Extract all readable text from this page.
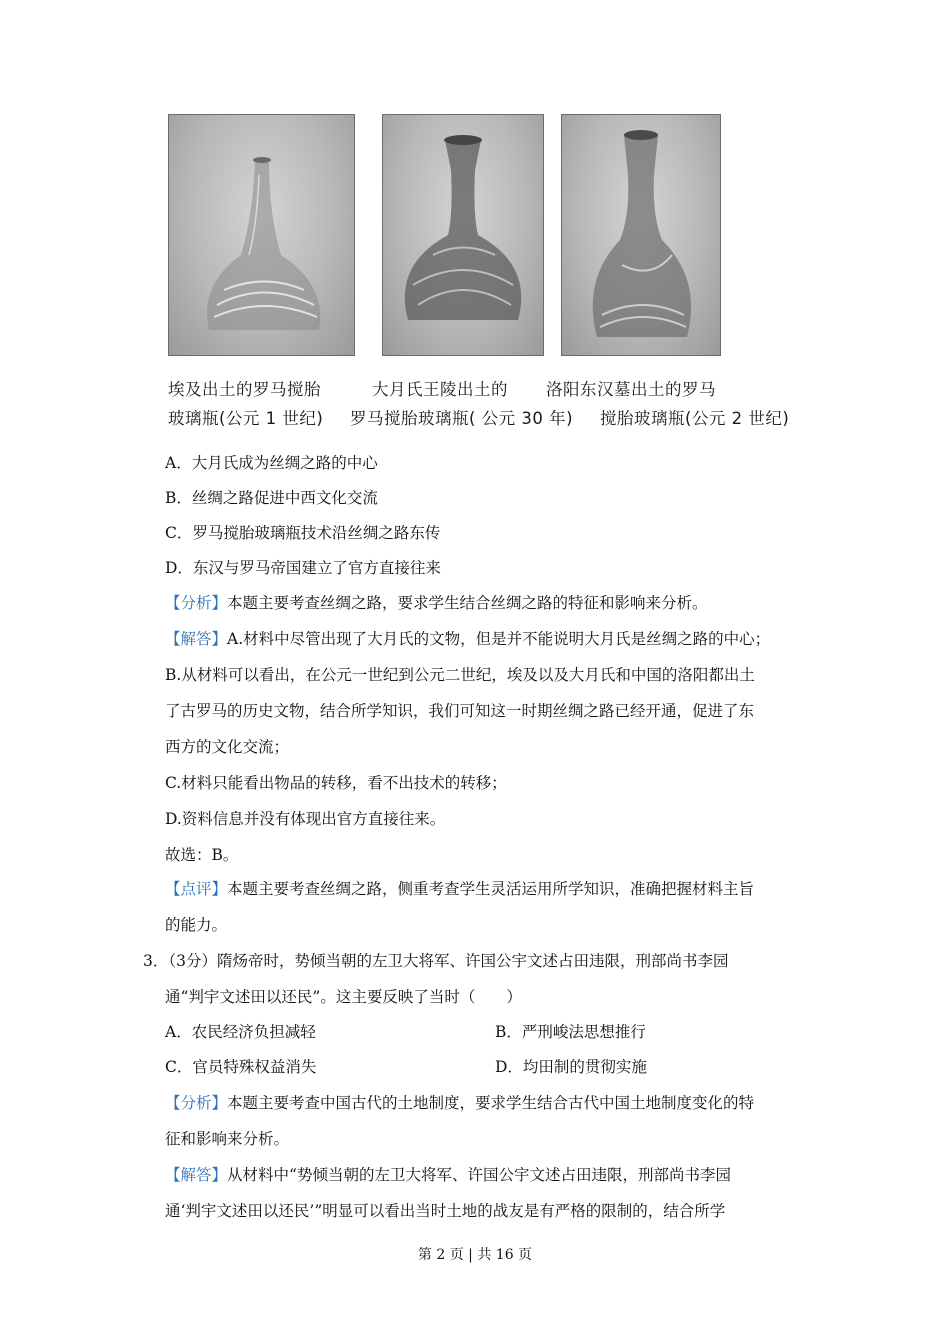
埃及出土的罗马搅胎
玻璃瓶(公元 1 世纪)
大月氏王陵出土的
罗马搅胎玻璃瓶( 公元 30 年)
洛阳东汉墓出土的罗马
搅胎玻璃瓶(公元 2 世纪)
A．大月氏成为丝绸之路的中心
B．丝绸之路促进中西文化交流
C．罗马搅胎玻璃瓶技术沿丝绸之路东传
D．东汉与罗马帝国建立了官方直接往来
【分析】本题主要考查丝绸之路，要求学生结合丝绸之路的特征和影响来分析。
【解答】A.材料中尽管出现了大月氏的文物，但是并不能说明大月氏是丝绸之路的中心；
B.从材料可以看出，在公元一世纪到公元二世纪，埃及以及大月氏和中国的洛阳都出土
了古罗马的历史文物，结合所学知识，我们可知这一时期丝绸之路已经开通，促进了东
西方的文化交流；
C.材料只能看出物品的转移，看不出技术的转移；
D.资料信息并没有体现出官方直接往来。
故选：B。
【点评】本题主要考查丝绸之路，侧重考查学生灵活运用所学知识，准确把握材料主旨
的能力。
3．（3分）隋炀帝时，势倾当朝的左卫大将军、许国公宇文述占田违限，刑部尚书李园
通“判宇文述田以还民”。这主要反映了当时（　　）
A．农民经济负担减轻	B．严刑峻法思想推行
C．官员特殊权益消失	D．均田制的贯彻实施
【分析】本题主要考查中国古代的土地制度，要求学生结合古代中国土地制度变化的特
征和影响来分析。
【解答】从材料中“势倾当朝的左卫大将军、许国公宇文述占田违限，刑部尚书李园
通‘判宇文述田以还民’”明显可以看出当时土地的战友是有严格的限制的，结合所学
第 2 页 | 共 16 页
